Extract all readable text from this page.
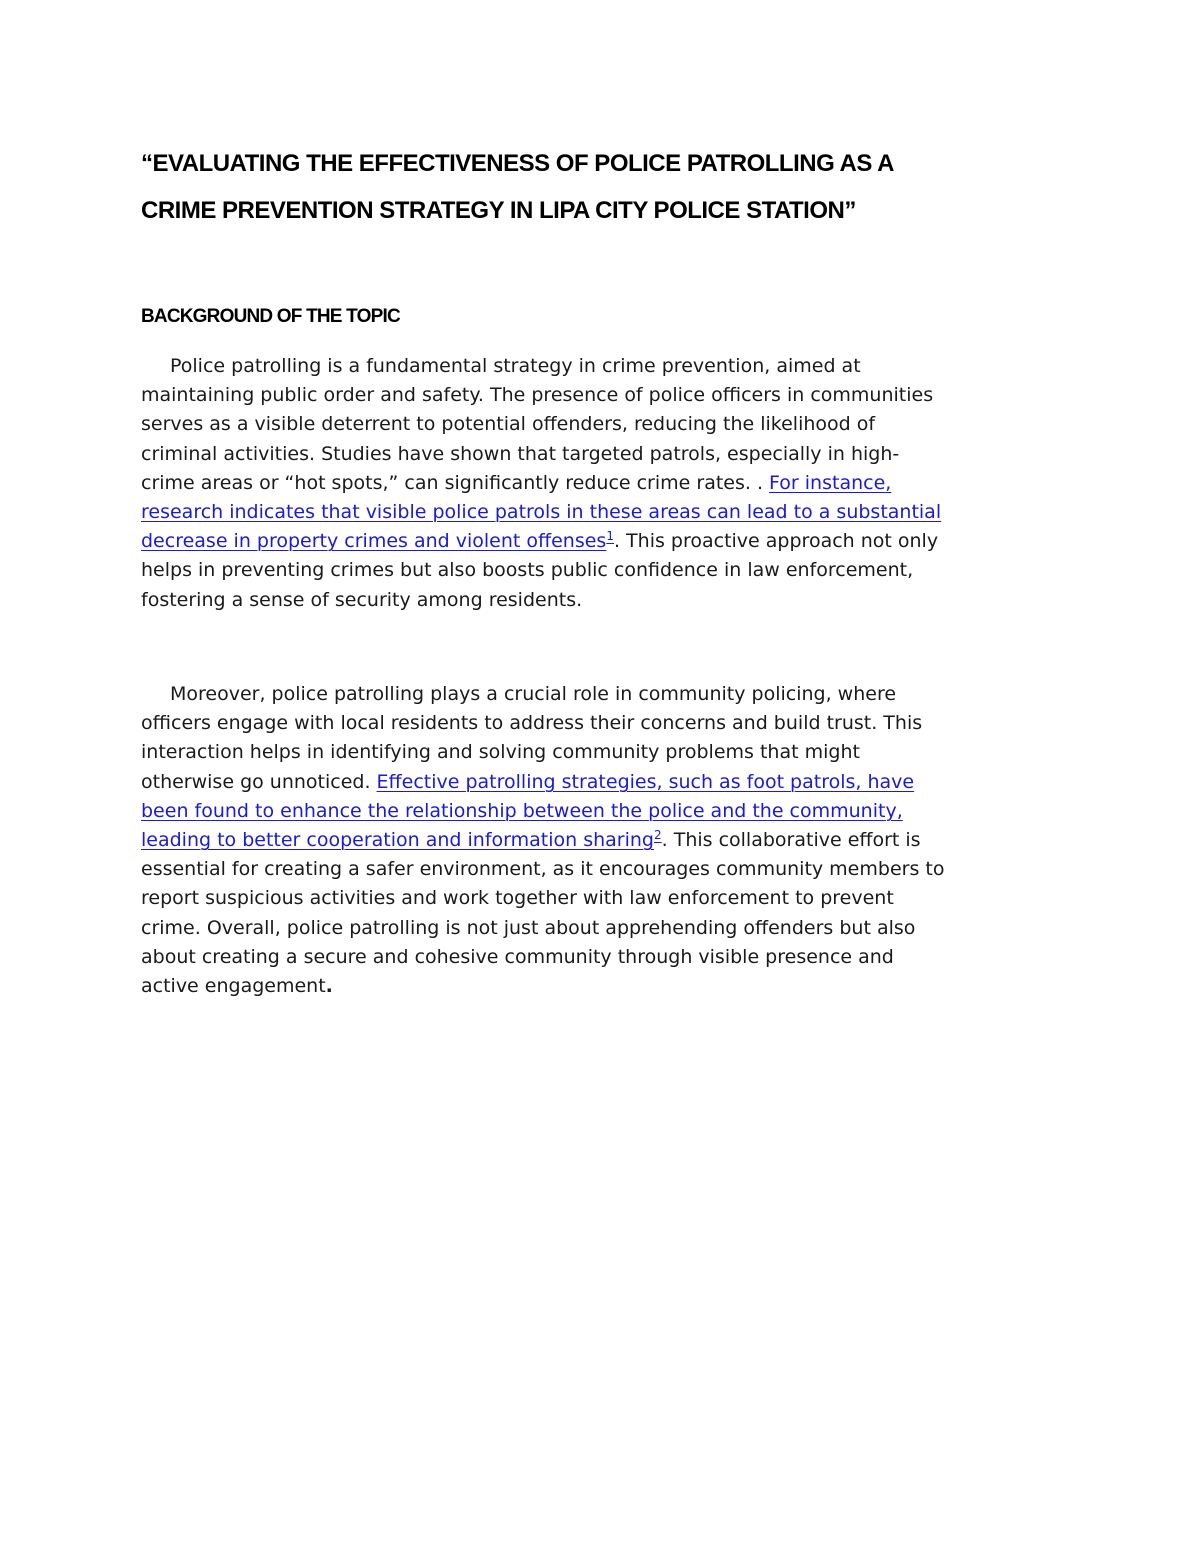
“EVALUATING THE EFFECTIVENESS OF POLICE PATROLLING AS A
CRIME PREVENTION STRATEGY IN LIPA CITY POLICE STATION”
BACKGROUND OF THE TOPIC
Police patrolling is a fundamental strategy in crime prevention, aimed at
maintaining public order and safety. The presence of police officers in communities
serves as a visible deterrent to potential offenders, reducing the likelihood of
criminal activities. Studies have shown that targeted patrols, especially in high-
crime areas or “hot spots,” can significantly reduce crime rates. . For instance,
research indicates that visible police patrols in these areas can lead to a substantial
decrease in property crimes and violent offenses$^1$. This proactive approach not only
helps in preventing crimes but also boosts public confidence in law enforcement,
fostering a sense of security among residents.
Moreover, police patrolling plays a crucial role in community policing, where
officers engage with local residents to address their concerns and build trust. This
interaction helps in identifying and solving community problems that might
otherwise go unnoticed. Effective patrolling strategies, such as foot patrols, have
been found to enhance the relationship between the police and the community,
leading to better cooperation and information sharing$^2$. This collaborative effort is
essential for creating a safer environment, as it encourages community members to
report suspicious activities and work together with law enforcement to prevent
crime. Overall, police patrolling is not just about apprehending offenders but also
about creating a secure and cohesive community through visible presence and
active engagement.
